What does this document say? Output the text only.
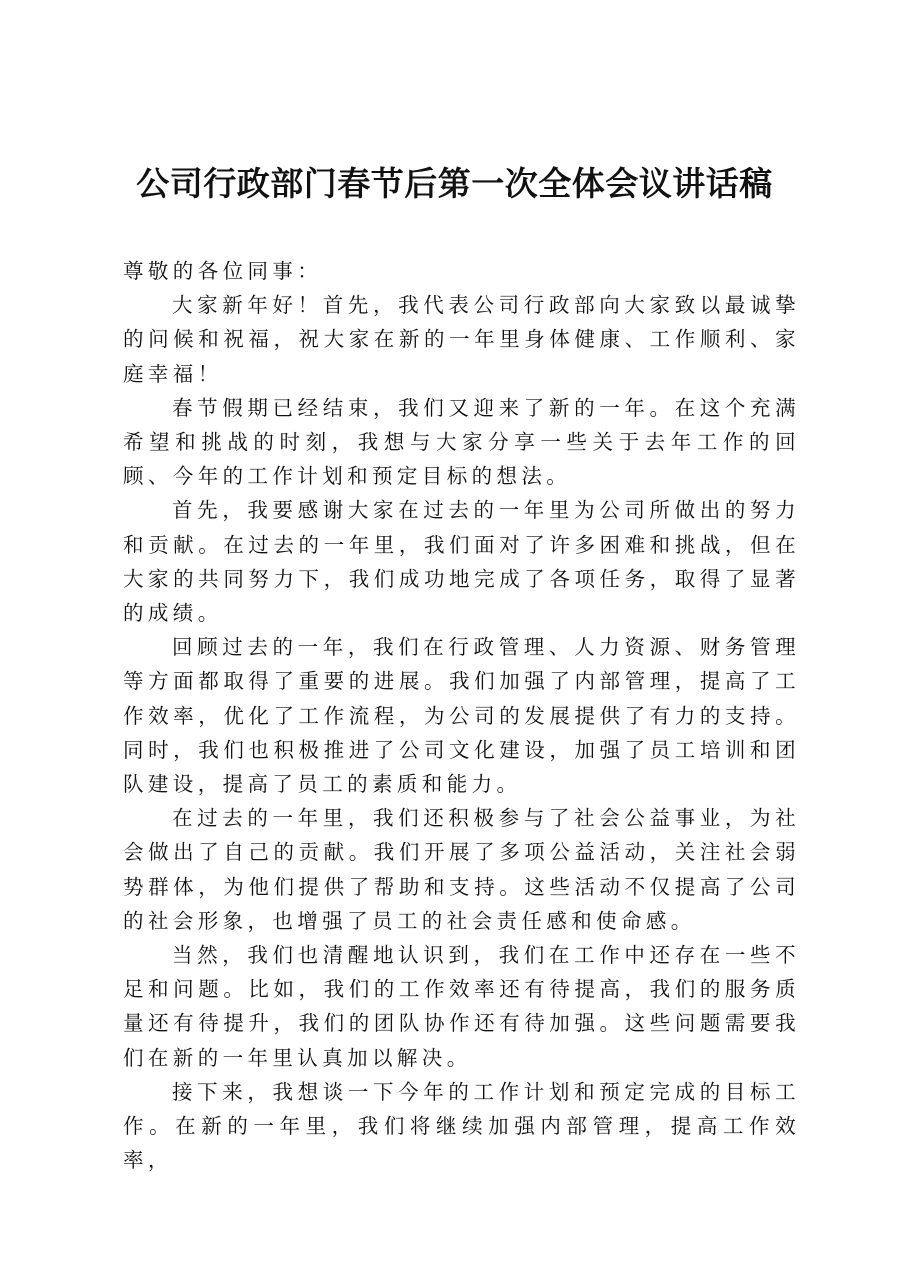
公司行政部门春节后第一次全体会议讲话稿

尊敬的各位同事：

大家新年好！首先，我代表公司行政部向大家致以最诚挚的问候和祝福，祝大家在新的一年里身体健康、工作顺利、家庭幸福！

春节假期已经结束，我们又迎来了新的一年。在这个充满希望和挑战的时刻，我想与大家分享一些关于去年工作的回顾、今年的工作计划和预定目标的想法。

首先，我要感谢大家在过去的一年里为公司所做出的努力和贡献。在过去的一年里，我们面对了许多困难和挑战，但在大家的共同努力下，我们成功地完成了各项任务，取得了显著的成绩。

回顾过去的一年，我们在行政管理、人力资源、财务管理等方面都取得了重要的进展。我们加强了内部管理，提高了工作效率，优化了工作流程，为公司的发展提供了有力的支持。同时，我们也积极推进了公司文化建设，加强了员工培训和团队建设，提高了员工的素质和能力。

在过去的一年里，我们还积极参与了社会公益事业，为社会做出了自己的贡献。我们开展了多项公益活动，关注社会弱势群体，为他们提供了帮助和支持。这些活动不仅提高了公司的社会形象，也增强了员工的社会责任感和使命感。

当然，我们也清醒地认识到，我们在工作中还存在一些不足和问题。比如，我们的工作效率还有待提高，我们的服务质量还有待提升，我们的团队协作还有待加强。这些问题需要我们在新的一年里认真加以解决。

接下来，我想谈一下今年的工作计划和预定完成的目标工作。在新的一年里，我们将继续加强内部管理，提高工作效率，
